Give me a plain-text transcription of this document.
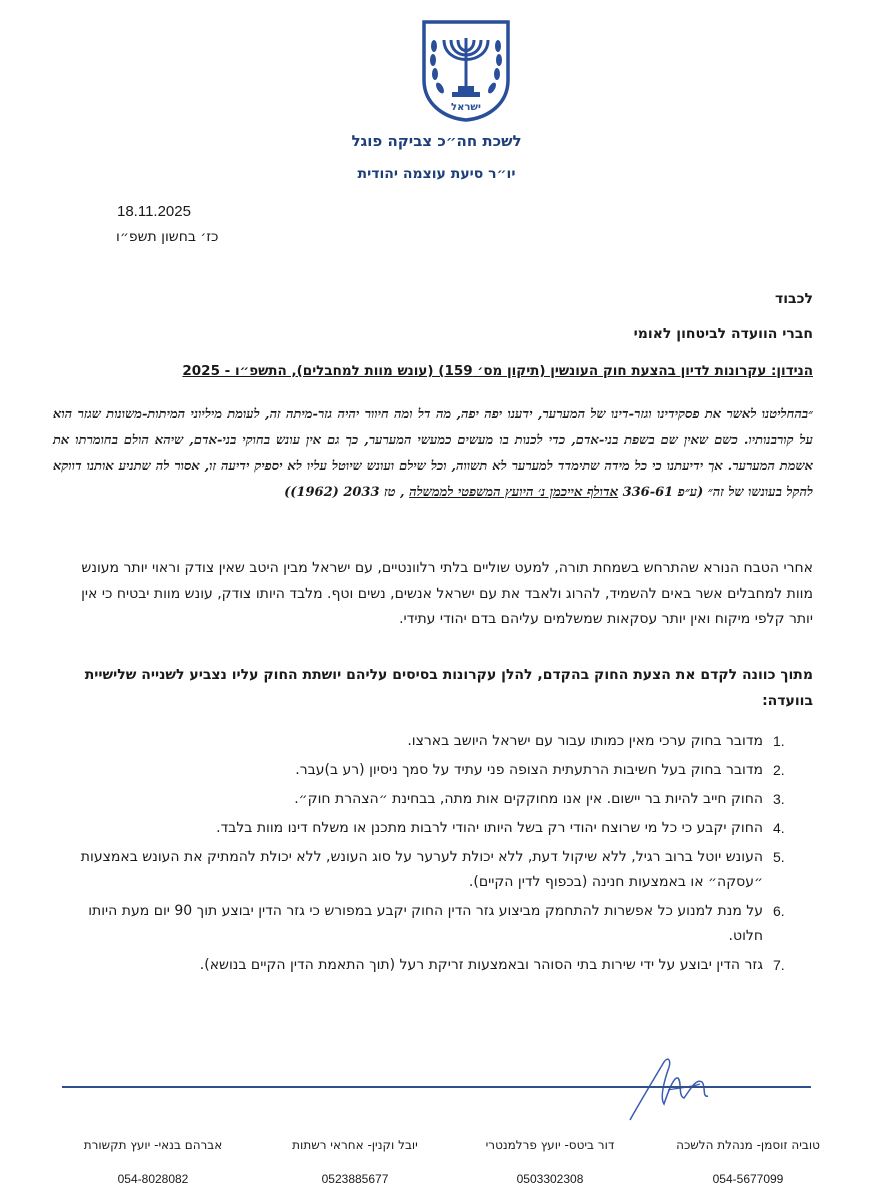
ישראל
לשכת חה״כ צביקה פוגל
יו״ר סיעת עוצמה יהודית
18.11.2025
כז׳ בחשון תשפ״ו
לכבוד
חברי הוועדה לביטחון לאומי
הנידון: עקרונות לדיון בהצעת חוק העונשין (תיקון מס׳ 159) (עונש מוות למחבלים), התשפ״ו - 2025
״בהחליטנו לאשר את פסקידינו וגזר-דינו של המערער, ידענו יפה יפה, מה דל ומה חיוור יהיה גזר-מיתה זה, לעומת מיליוני המיתות-משונות שגזר הוא על קורבנותיו. כשם שאין שם בשפת בני-אדם, כדי לכנות בו מעשים כמעשי המערער, כך גם אין עונש בחוקי בני-אדם, שיהא הולם בחומרתו את אשמת המערער. אך ידיעתנו כי כל מידה שתימדד למערער לא תשווה, וכל שילם ועונש שיוטל עליו לא יספיק ידיעה זו, אסור לה שתניע אותנו דווקא להקל בעונשו של זה״ (ע״פ 336-61 אדולף אייכמן נ׳ היועץ המשפטי לממשלה , טז 2033 (1962))
אחרי הטבח הנורא שהתרחש בשמחת תורה, למעט שוליים בלתי רלוונטיים, עם ישראל מבין היטב שאין צודק וראוי יותר מעונש מוות למחבלים אשר באים להשמיד, להרוג ולאבד את עם ישראל אנשים, נשים וטף. מלבד היותו צודק, עונש מוות יבטיח כי אין יותר קלפי מיקוח ואין יותר עסקאות שמשלמים עליהם בדם יהודי עתידי.
מתוך כוונה לקדם את הצעת החוק בהקדם, להלן עקרונות בסיסים עליהם יושתת החוק עליו נצביע לשנייה שלישיית בוועדה:
1.
מדובר בחוק ערכי מאין כמותו עבור עם ישראל היושב בארצו.
2.
מדובר בחוק בעל חשיבות הרתעתית הצופה פני עתיד על סמך ניסיון (רע ב)עבר.
3.
החוק חייב להיות בר יישום. אין אנו מחוקקים אות מתה, בבחינת ״הצהרת חוק״.
4.
החוק יקבע כי כל מי שרוצח יהודי רק בשל היותו יהודי לרבות מתכנן או משלח דינו מוות בלבד.
5.
העונש יוטל ברוב רגיל, ללא שיקול דעת, ללא יכולת לערער על סוג העונש, ללא יכולת להמתיק את העונש באמצעות ״עסקה״ או באמצעות חנינה (בכפוף לדין הקיים).
6.
על מנת למנוע כל אפשרות להתחמק מביצוע גזר הדין החוק יקבע במפורש כי גזר הדין יבוצע תוך 90 יום מעת היותו חלוט.
7.
גזר הדין יבוצע על ידי שירות בתי הסוהר ובאמצעות זריקת רעל (תוך התאמת הדין הקיים בנושא).
טוביה זוסמן- מנהלת הלשכה
054-5677099
דור ביטס- יועץ פרלמנטרי
0503302308
יובל וקנין- אחראי רשתות
0523885677
אברהם בנאי- יועץ תקשורת
054-8028082
